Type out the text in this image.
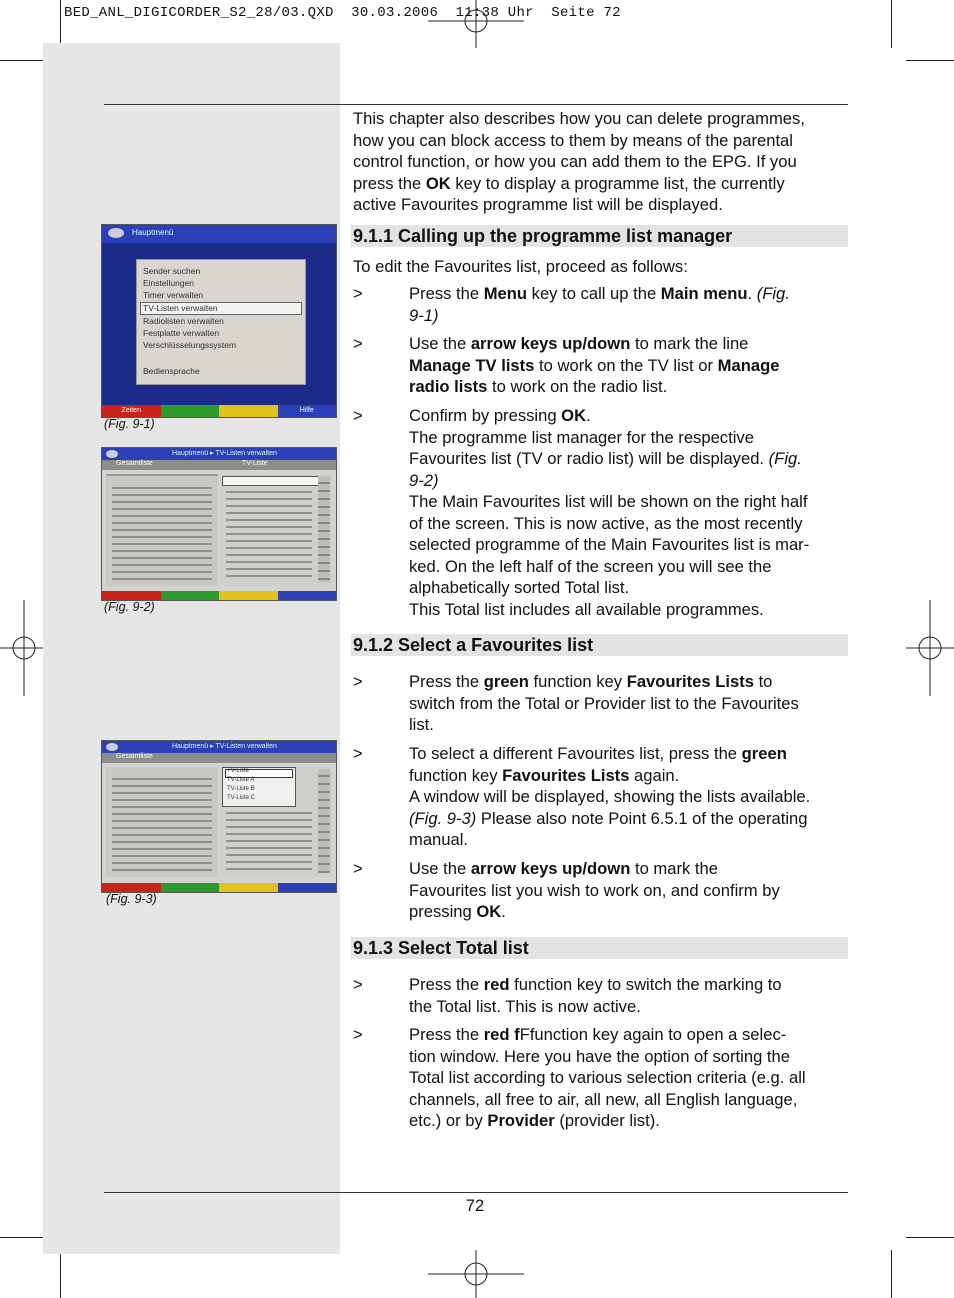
BED_ANL_DIGICORDER_S2_28/03.QXD  30.03.2006  11:38 Uhr  Seite 72
This chapter also describes how you can delete programmes,
how you can block access to them by means of the parental
control function, or how you can add them to the EPG. If you
press the OK key to display a programme list, the currently
active Favourites programme list will be displayed.
9.1.1 Calling up the programme list manager
To edit the Favourites list, proceed as follows:
>	Press the Menu key to call up the Main menu. (Fig.
9-1)
>	Use the arrow keys up/down to mark the line
Manage TV lists to work on the TV list or Manage
radio lists to work on the radio list.
>	Confirm by pressing OK.
The programme list manager for the respective
Favourites list (TV or radio list) will be displayed. (Fig.
9-2)
The Main Favourites list will be shown on the right half
of the screen. This is now active, as the most recently
selected programme of the Main Favourites list is mar-
ked. On the left half of the screen you will see the
alphabetically sorted Total list.
This Total list includes all available programmes.
9.1.2 Select a Favourites list
>	Press the green function key Favourites Lists to
switch from the Total or Provider list to the Favourites
list.
>	To select a different Favourites list, press the green
function key Favourites Lists again.
A window will be displayed, showing the lists available.
(Fig. 9-3) Please also note Point 6.5.1 of the operating
manual.
>	Use the arrow keys up/down to mark the
Favourites list you wish to work on, and confirm by
pressing OK.
9.1.3 Select Total list
>	Press the red function key to switch the marking to
the Total list. This is now active.
>	Press the red fFfunction key again to open a selec-
tion window. Here you have the option of sorting the
Total list according to various selection criteria (e.g. all
channels, all free to air, all new, all English language,
etc.) or by Provider (provider list).
72
Hauptmenü
Sender suchen
Einstellungen
Timer verwalten
TV-Listen verwalten
Radiolisten verwalten
Festplatte verwalten
Verschlüsselungssystem
Bediensprache
Zeiten	Hilfe
(Fig. 9-1)
Hauptmenü ▸ TV-Listen verwalten
Gesamtliste	TV-Liste
(Fig. 9-2)
Hauptmenü ▸ TV-Listen verwalten
Gesamtliste
TV-Liste
TV-Liste A
TV-Liste B
TV-Liste C
(Fig. 9-3)
